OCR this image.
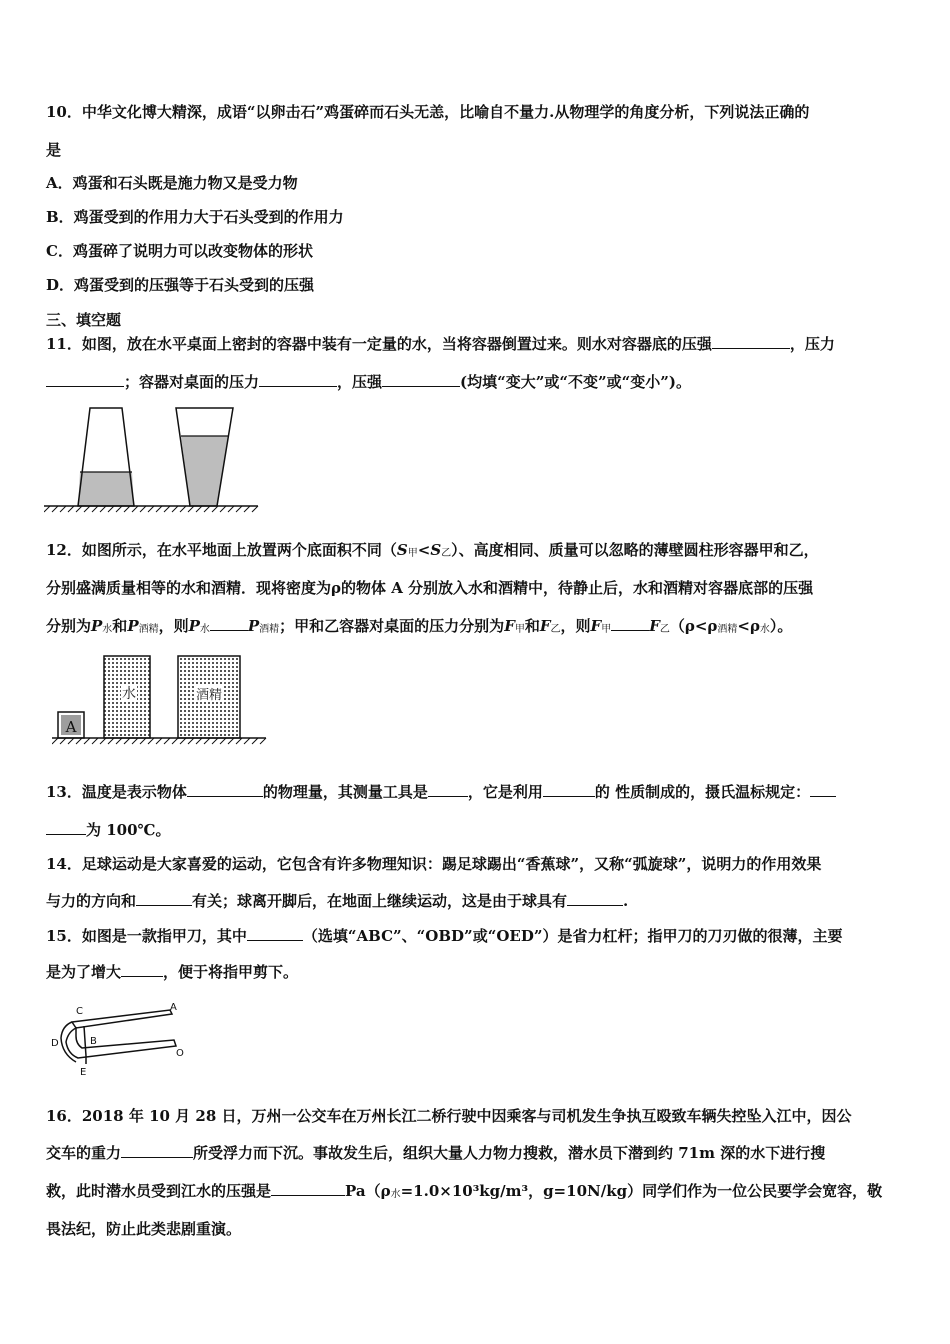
10．中华文化博大精深，成语“以卵击石”鸡蛋碎而石头无恙，比喻自不量力.从物理学的角度分析，下列说法正确的
是
A．鸡蛋和石头既是施力物又是受力物
B．鸡蛋受到的作用力大于石头受到的作用力
C．鸡蛋碎了说明力可以改变物体的形状
D．鸡蛋受到的压强等于石头受到的压强
三、填空题
11．如图，放在水平桌面上密封的容器中装有一定量的水，当将容器倒置过来。则水对容器底的压强	，压力
；容器对桌面的压力	，压强	(均填“变大”或“不变”或“变小”)。
12．如图所示，在水平地面上放置两个底面积不同（S甲<S乙）、高度相同、质量可以忽略的薄壁圆柱形容器甲和乙，
分别盛满质量相等的水和酒精．现将密度为ρ的物体 A 分别放入水和酒精中，待静止后，水和酒精对容器底部的压强
分别为P水和P酒精，则P水	P酒精；甲和乙容器对桌面的压力分别为F甲和F乙，则F甲	F乙（ρ<ρ酒精<ρ水）。
水	酒精
A
13．温度是表示物体	的物理量，其测量工具是	，它是利用	的 性质制成的，摄氏温标规定：
为 100℃。
14．足球运动是大家喜爱的运动，它包含有许多物理知识：踢足球踢出“香蕉球”，又称“弧旋球”，说明力的作用效果
与力的方向和	有关；球离开脚后，在地面上继续运动，这是由于球具有	.
15．如图是一款指甲刀，其中	（选填“ABC”、“OBD”或“OED”）是省力杠杆；指甲刀的刀刃做的很薄，主要
是为了增大	，便于将指甲剪下。
C	A
B
D
E
O
16．2018 年 10 月 28 日，万州一公交车在万州长江二桥行驶中因乘客与司机发生争执互殴致车辆失控坠入江中，因公
交车的重力	所受浮力而下沉。事故发生后，组织大量人力物力搜救，潜水员下潜到约 71m 深的水下进行搜
救，此时潜水员受到江水的压强是	Pa（ρ水=1.0×10³kg/m³，g=10N/kg）同学们作为一位公民要学会宽容，敬
畏法纪，防止此类悲剧重演。
